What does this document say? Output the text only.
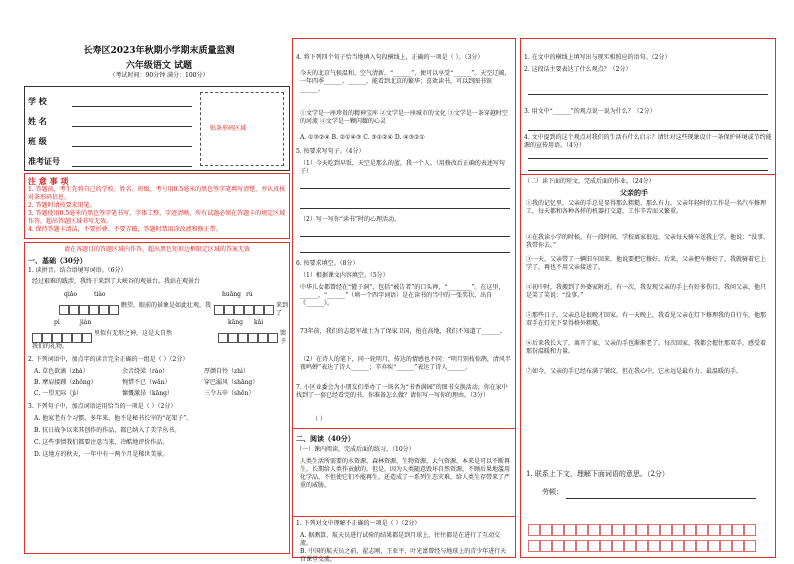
长寿区2023年秋期小学期末质量监测
六年级语文 试题
（考试时间：90分钟 满分：100分）
学 校
姓 名
班 级
准考证号
贴条形码区域
注 意 事 项
1. 答题前，考生先将自己的学校、姓名、班级、考号用0.5毫米的黑色签字笔填写清楚，并认真核对条形码信息。
2. 答题时请按要求用笔。
3. 答题使用0.5毫米的黑色签字笔书写，字体工整、字迹清晰，所有试题必须在答题卡的规定区域作答，超出答题区域书写无效。
4. 保持答题卡清洁，不要折叠、不要弄破，答题时禁用涂改液和修正带。
请在各题目的答题区域内作答，超出黑色矩形边框限定区域的答案无效
一、基础（30分）
1. 读拼音，结合语境写词语。（6分）
经过艰难的跋涉，我终于来到了大峡谷的观景台。我站在观景台
qiǎo	tiào	huāng rù
瞧望，眼前的景象是如此壮观，我	来到了
pì	jiàn	kāng kǎi
里似有无形之神，这是大自然	馈予
我们的礼物。
2. 下列词语中，加点字的读音完全正确的一组是（ ）（2分）
A. 草色欲滴（zhà）	余音绕梁（rào）	厚颜自怜（zhì）
B. 摩肩接踵（zhǒng）	惋惜不已（wǎn）	穿巴漏风（shāng）
C. 一望无际（jì）	慷慨激昂（kāng）	三令五申（shēn）
3. 下列句子中，加点词语运用恰当的一项是（ ）（2分）
A. 他家老有个习惯，多年来，他不是秘书长宰的“花架子”。
B. 抗日战争以来其创作的作品，都已纳入了美学丛书。
C. 这些事情我们都要注意当来，冷酷地评价作品。
D. 这地方的秋天，一年中有一两个月是稀世美景。
4. 将下列四个句子恰当地填入句段横线上，正确的一项是（ ）。（3分）
今天的北京气候温和，空气清新，“______”，便可以享受“______”。天空辽阔，一年四季______。______，能看到北京的繁华；喜欢读书，可以到图书馆______。
①文学是一座珍贵的精神宝库 ②文学是一座城市的文化 ③文学是一条穿越时空的河流 ④文学是一颗闪耀的心灵
A. ①③②④ B. ②①④③ C. ③①②④ D. ④③②①
5. 按要求写句子。（4分）
（1）今天吃到早饭，天空是那么的蓝，我一个人。（用修改后正确的表述写句子）
（2）写一写你“读书”时的心理活动。
6. 按要求填空。（8分）
（1）根据课文内容填空。（5分）
中华儿女都曾经在“獾子洞”，包括“被告者”的口头禅，“________”。在这里，______，“______”（填一个四字词语）是在读书的当中的一张奖状，出自《______》。
73年前，我们的志愿军战士为了保家卫国，抢在高地，我们不知道了______。
（2）在诗人的笔下，同一轮明月，传达的情感也不同：“明月别枝惊鹊，清风半夜鸣蝉”表达了诗人______；辛弃疾“______”表达了诗人______。
7. 小区业委会为小朋友们举办了一场名为“书香满园”的图书交换活动，你在家中找到了一套已经看完的书，你准备怎么做？请你写一写你的理由。（3分）
（ ）
二、阅读（40分）
（一）课内阅读，完成后面的练习。（10分）
人类生活所需要的水资源、森林资源、生物资源、大气资源，本来是可以不断再生，长期给人类作贡献的。但是，因为人类随意毁坏自然资源，不顾后果地滥用化学品，不但使它们不能再生，还造成了一系列生态灾难，给人类生存带来了严重的威胁。
1. 下列对文中理解不正确的一项是（ ）（2分）
A. 据测算，航天员进行试验的结果都是到月球上，往往都是在进行了互动交流。
B. 中国的航天员之前，翟志刚、王亚平、叶光富曾经与地球上的青少年进行天宫课堂交流。
1. 在文中的横线上填写出与现实相照应的语句。（2分）
2. 这段话主要表达了什么观点？（2分）
3. 用文中“______”的观点说一说为什么？（2分）
4. 文中提到的这个观点对我们的生活有什么启示？请针对这些现象设计一条保护环境或节约能源的宣传用语。（4分）
（二）读下面的短文，完成后面的作业。（24分）
父亲的手
①我的记忆里，父亲的手总是显得那么粗糙、那么有力。父亲年轻时的工作是一名汽车修理工，每天都和各种各样的机器打交道，工作辛苦而又繁重。
②在我读小学的时候，有一段时间，学校离家很远，父亲每天骑车送我上学。他说：“没事，我带你去。”
③一天，父亲带了一辆旧车回来，他说要把它修好。后来，父亲把车修好了，我就骑着它上学了，再也不用父亲接送了。
④初中时，我搬到了外婆家附近。有一次，我发现父亲的手上有好多伤口，我问父亲，他只是笑了笑说：“没事。”
⑤那些日子，父亲总是很晚才回家。有一天晚上，我看见父亲在灯下修理我的自行车，他那双手在灯光下显得格外粗糙。
⑥后来我长大了，离开了家，父亲的手也渐渐老了。每次回家，我都会握住那双手，感受着那份温暖和力量。
⑦如今，父亲的手已经布满了皱纹，但在我心中，它永远是最有力、最温暖的手。
1. 联系上下文，理解下面词语的意思。（2分）
劳顿：
